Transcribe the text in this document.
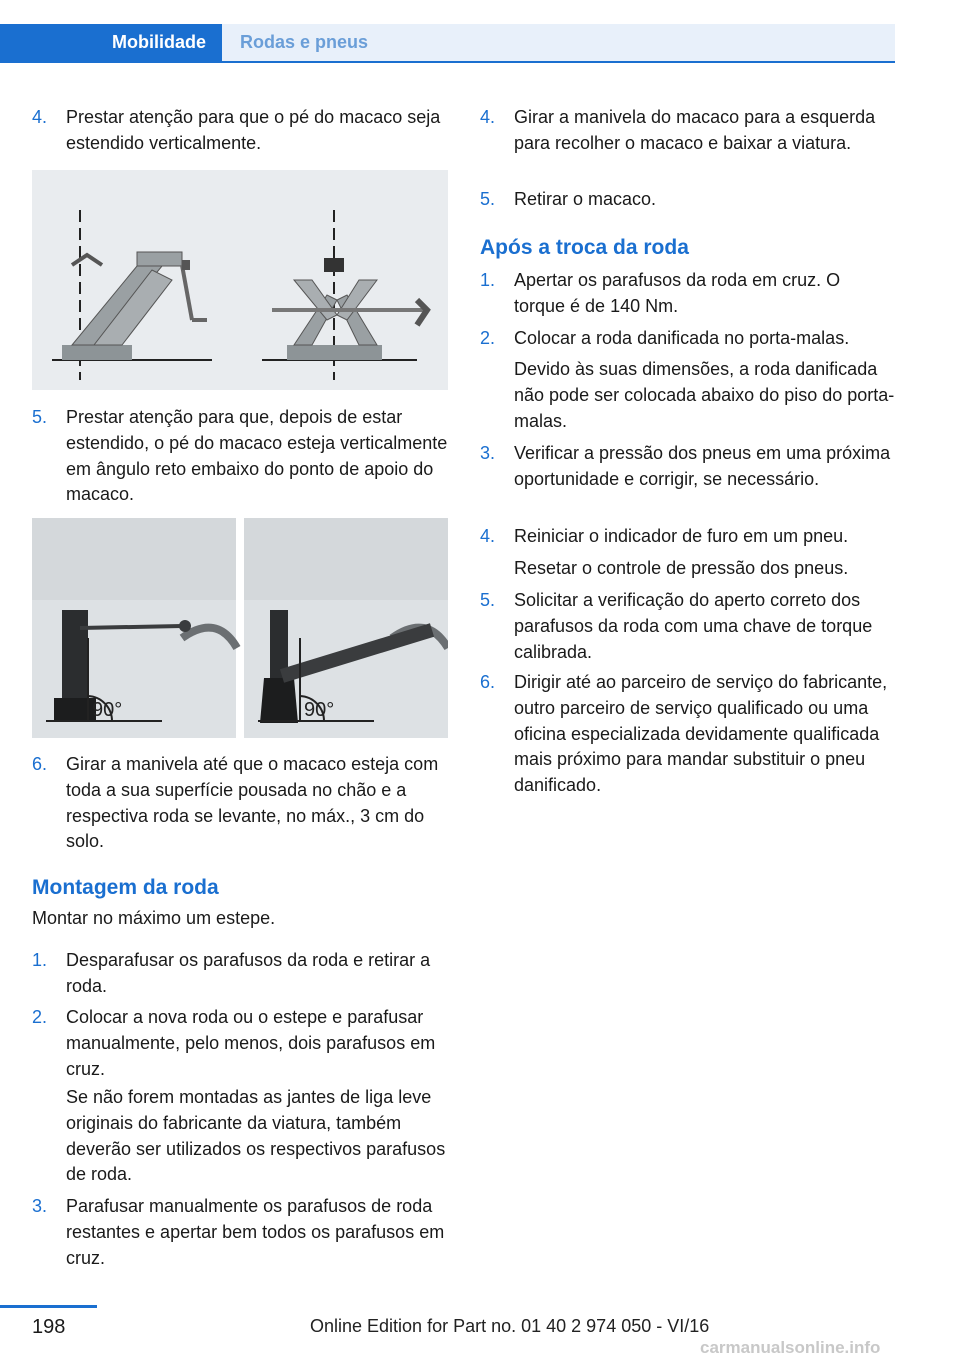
Mobilidade	Rodas e pneus
4.	Prestar atenção para que o pé do macaco seja estendido verticalmente.
5.	Prestar atenção para que, depois de estar estendido, o pé do macaco esteja verticalmente em ângulo reto embaixo do ponto de apoio do macaco.
90°	90°
6.	Girar a manivela até que o macaco esteja com toda a sua superfície pousada no chão e a respectiva roda se levante, no máx., 3 cm do solo.
Montagem da roda
Montar no máximo um estepe.
1.	Desparafusar os parafusos da roda e retirar a roda.
2.	Colocar a nova roda ou o estepe e parafusar manualmente, pelo menos, dois parafusos em cruz.
Se não forem montadas as jantes de liga leve originais do fabricante da viatura, também deverão ser utilizados os respectivos parafusos de roda.
3.	Parafusar manualmente os parafusos de roda restantes e apertar bem todos os parafusos em cruz.
4.	Girar a manivela do macaco para a esquerda para recolher o macaco e baixar a viatura.
5.	Retirar o macaco.
Após a troca da roda
1.	Apertar os parafusos da roda em cruz. O torque é de 140 Nm.
2.	Colocar a roda danificada no porta-malas.
Devido às suas dimensões, a roda danificada não pode ser colocada abaixo do piso do porta-malas.
3.	Verificar a pressão dos pneus em uma próxima oportunidade e corrigir, se necessário.
4.	Reiniciar o indicador de furo em um pneu.
Resetar o controle de pressão dos pneus.
5.	Solicitar a verificação do aperto correto dos parafusos da roda com uma chave de torque calibrada.
6.	Dirigir até ao parceiro de serviço do fabricante, outro parceiro de serviço qualificado ou uma oficina especializada devidamente qualificada mais próximo para mandar substituir o pneu danificado.
198	Online Edition for Part no. 01 40 2 974 050 - VI/16
carmanualsonline.info
